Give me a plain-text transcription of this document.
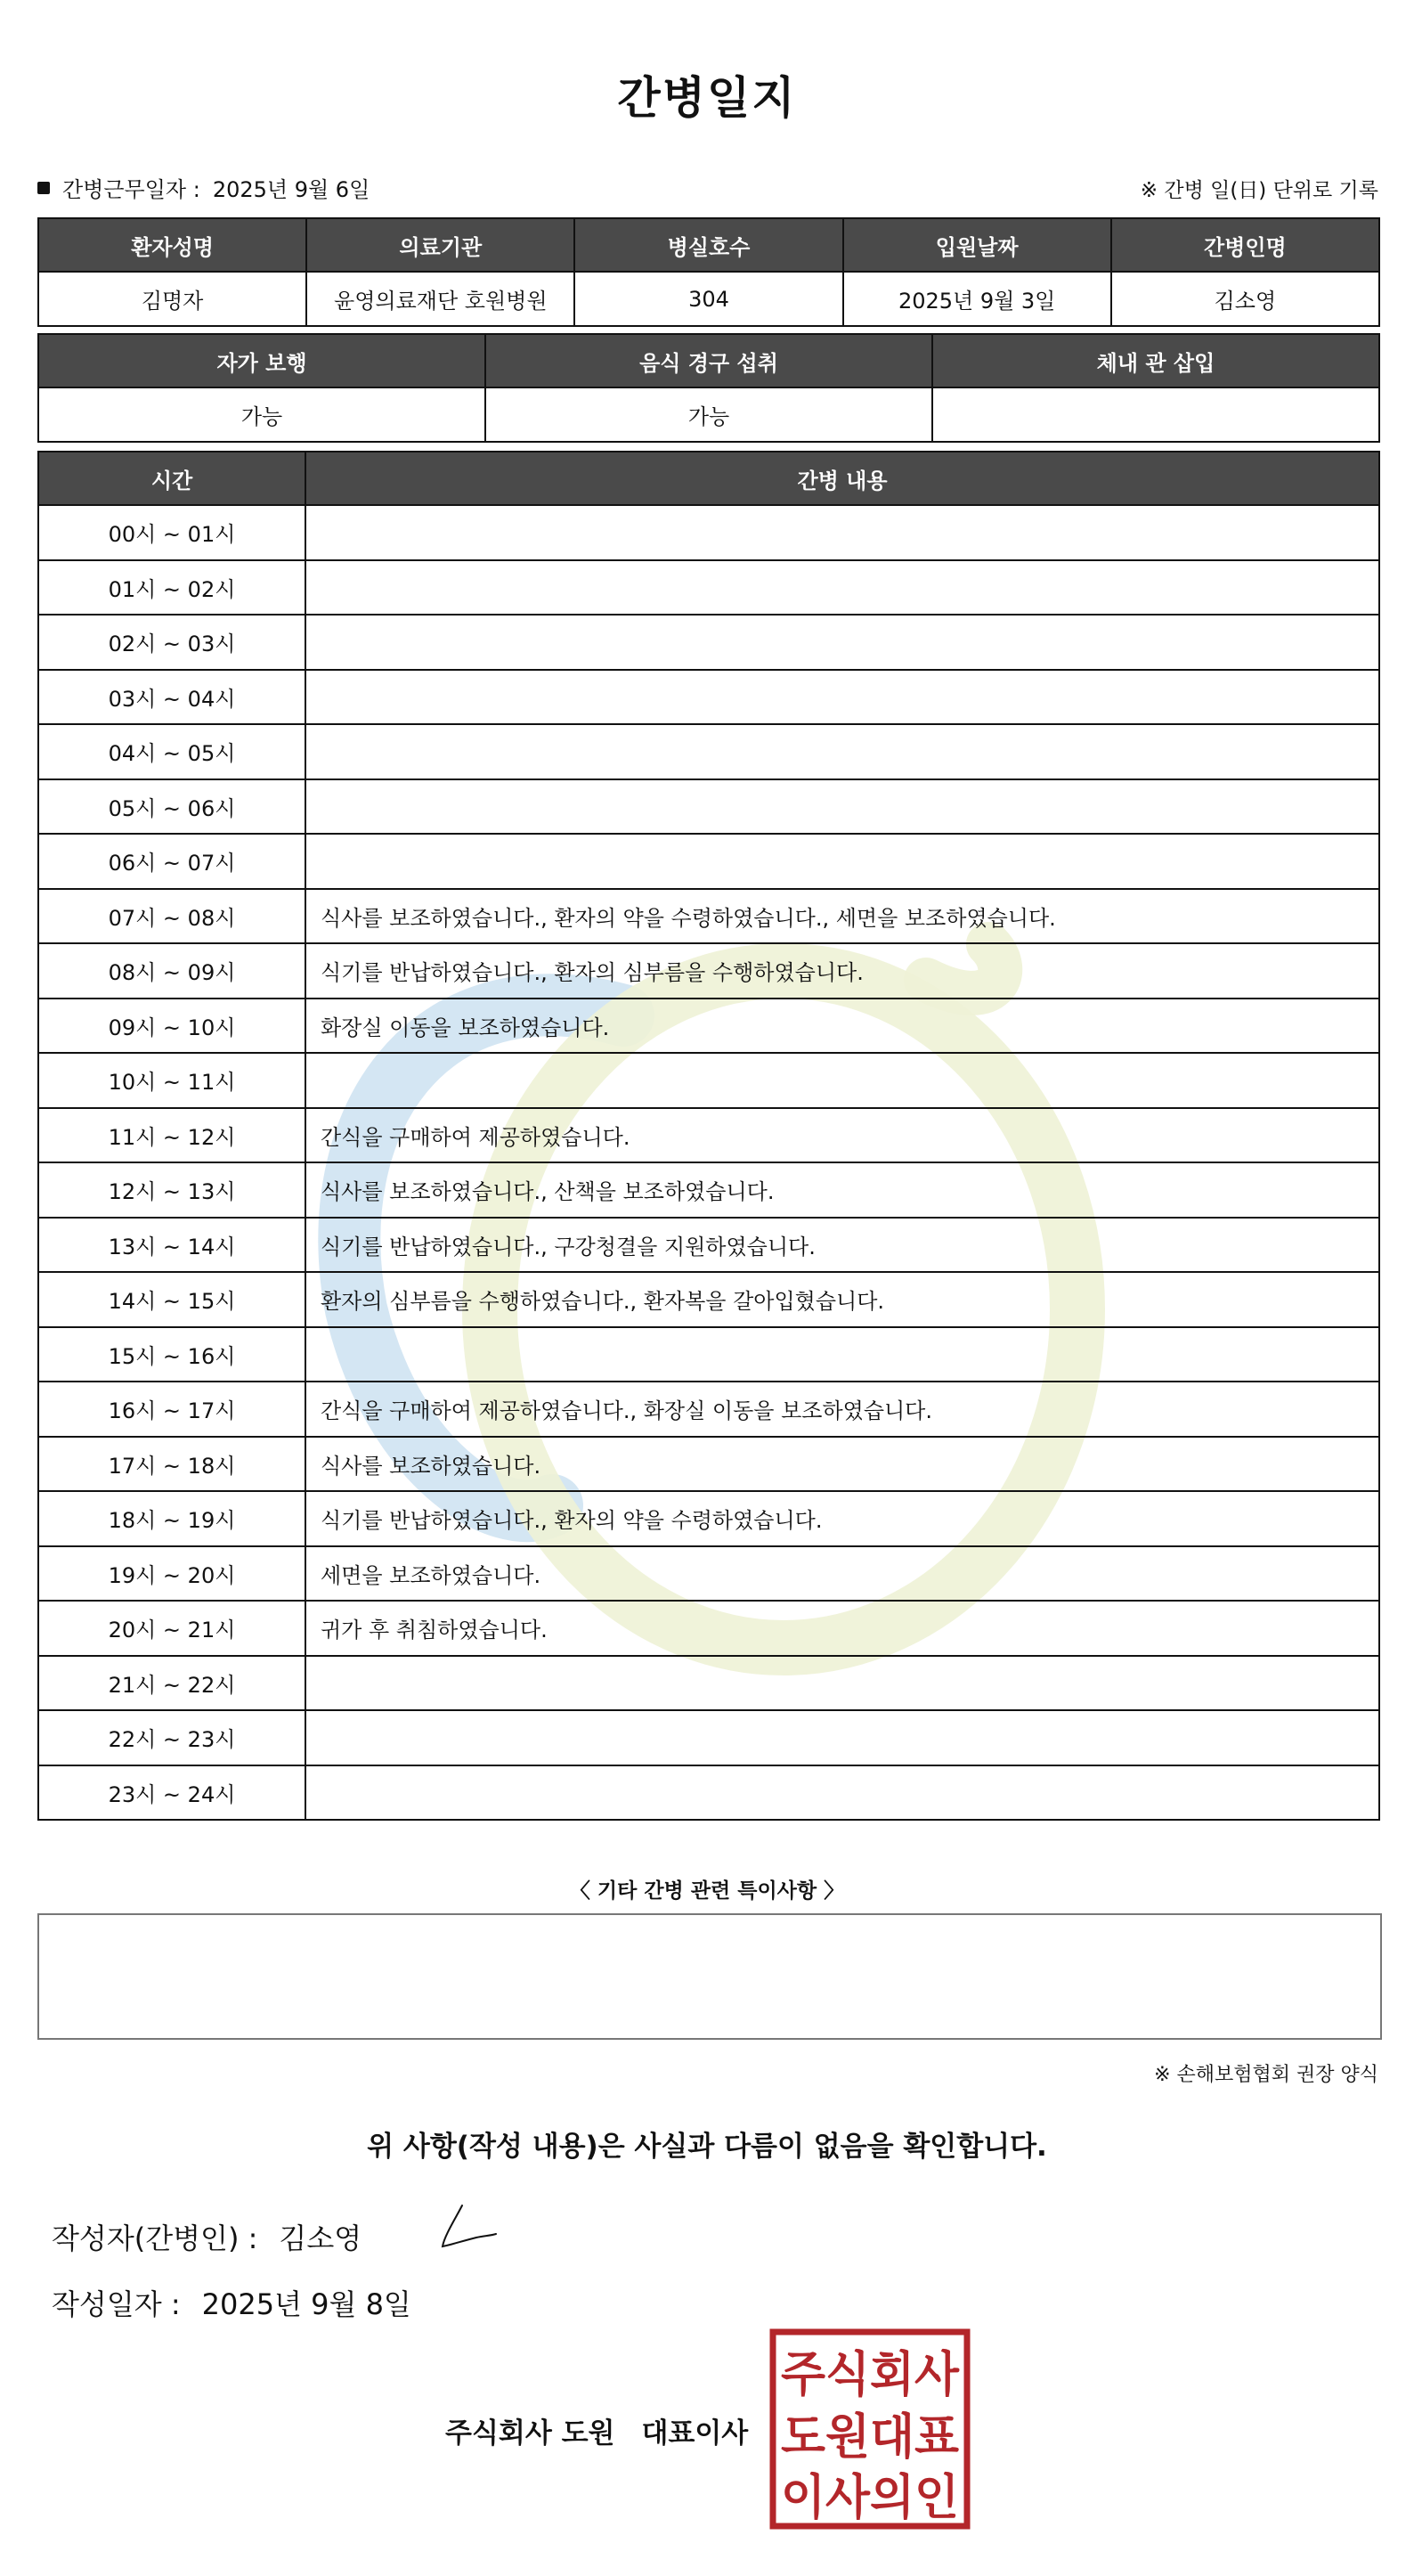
간병일지
간병근무일자 : 2025년 9월 6일	※ 간병 일(日) 단위로 기록
환자성명	의료기관	병실호수	입원날짜	간병인명
김명자	윤영의료재단 호원병원	304	2025년 9월 3일	김소영
자가 보행	음식 경구 섭취	체내 관 삽입
가능	가능	
시간	간병 내용
00시 ~ 01시	
01시 ~ 02시	
02시 ~ 03시	
03시 ~ 04시	
04시 ~ 05시	
05시 ~ 06시	
06시 ~ 07시	
07시 ~ 08시	식사를 보조하였습니다., 환자의 약을 수령하였습니다., 세면을 보조하였습니다.
08시 ~ 09시	식기를 반납하였습니다., 환자의 심부름을 수행하였습니다.
09시 ~ 10시	화장실 이동을 보조하였습니다.
10시 ~ 11시	
11시 ~ 12시	간식을 구매하여 제공하였습니다.
12시 ~ 13시	식사를 보조하였습니다., 산책을 보조하였습니다.
13시 ~ 14시	식기를 반납하였습니다., 구강청결을 지원하였습니다.
14시 ~ 15시	환자의 심부름을 수행하였습니다., 환자복을 갈아입혔습니다.
15시 ~ 16시	
16시 ~ 17시	간식을 구매하여 제공하였습니다., 화장실 이동을 보조하였습니다.
17시 ~ 18시	식사를 보조하였습니다.
18시 ~ 19시	식기를 반납하였습니다., 환자의 약을 수령하였습니다.
19시 ~ 20시	세면을 보조하였습니다.
20시 ~ 21시	귀가 후 취침하였습니다.
21시 ~ 22시	
22시 ~ 23시	
23시 ~ 24시	
〈 기타 간병 관련 특이사항 〉
※ 손해보험협회 권장 양식
위 사항(작성 내용)은 사실과 다름이 없음을 확인합니다.
작성자(간병인) : 김소영
작성일자 : 2025년 9월 8일
주식회사 도원 대표이사
주식회사
도원대표
이사의인
